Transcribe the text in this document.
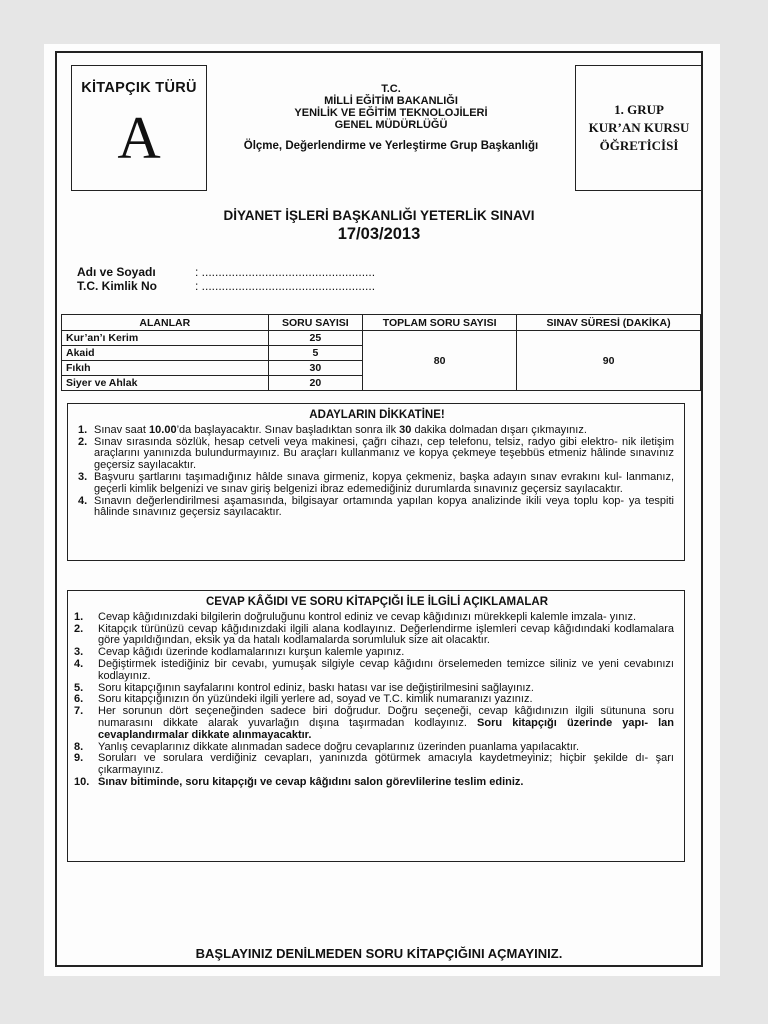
KİTAPÇIK TÜRÜ
A
T.C.
MİLLİ EĞİTİM BAKANLIĞI
YENİLİK VE EĞİTİM TEKNOLOJİLERİ
GENEL MÜDÜRLÜĞÜ
Ölçme, Değerlendirme ve Yerleştirme Grup Başkanlığı
1. GRUP
KUR’AN KURSU
ÖĞRETİCİSİ
DİYANET İŞLERİ BAŞKANLIĞI YETERLİK SINAVI
17/03/2013
Adı ve Soyadı	: ....................................................
T.C. Kimlik No	: ....................................................
ALANLAR	SORU SAYISI	TOPLAM SORU SAYISI	SINAV SÜRESİ (DAKİKA)
Kur’an’ı Kerim	25	80	90
Akaid	5		
Fıkıh	30		
Siyer ve Ahlak	20		
ADAYLARIN DİKKATİNE!
1. Sınav saat 10.00’da başlayacaktır. Sınav başladıktan sonra ilk 30 dakika dolmadan dışarı çıkmayınız.
2. Sınav sırasında sözlük, hesap cetveli veya makinesi, çağrı cihazı, cep telefonu, telsiz, radyo gibi elektro- nik iletişim araçlarını yanınızda bulundurmayınız. Bu araçları kullanmanız ve kopya çekmeye teşebbüs etmeniz hâlinde sınavınız geçersiz sayılacaktır.
3. Başvuru şartlarını taşımadığınız hâlde sınava girmeniz, kopya çekmeniz, başka adayın sınav evrakını kul- lanmanız, geçerli kimlik belgenizi ve sınav giriş belgenizi ibraz edemediğiniz durumlarda sınavınız geçersiz sayılacaktır.
4. Sınavın değerlendirilmesi aşamasında, bilgisayar ortamında yapılan kopya analizinde ikili veya toplu kop- ya tespiti hâlinde sınavınız geçersiz sayılacaktır.
CEVAP KÂĞIDI VE SORU KİTAPÇIĞI İLE İLGİLİ AÇIKLAMALAR
1.	Cevap kâğıdınızdaki bilgilerin doğruluğunu kontrol ediniz ve cevap kâğıdınızı mürekkepli kalemle imzala- yınız.
2.	Kitapçık türünüzü cevap kâğıdınızdaki ilgili alana kodlayınız. Değerlendirme işlemleri cevap kâğıdındaki kodlamalara göre yapıldığından, eksik ya da hatalı kodlamalarda sorumluluk size ait olacaktır.
3.	Cevap kâğıdı üzerinde kodlamalarınızı kurşun kalemle yapınız.
4.	Değiştirmek istediğiniz bir cevabı, yumuşak silgiyle cevap kâğıdını örselemeden temizce siliniz ve yeni cevabınızı kodlayınız.
5.	Soru kitapçığının sayfalarını kontrol ediniz, baskı hatası var ise değiştirilmesini sağlayınız.
6.	Soru kitapçığınızın ön yüzündeki ilgili yerlere ad, soyad ve T.C. kimlik numaranızı yazınız.
7.	Her sorunun dört seçeneğinden sadece biri doğrudur. Doğru seçeneği, cevap kâğıdınızın ilgili sütununa soru numarasını dikkate alarak yuvarlağın dışına taşırmadan kodlayınız. Soru kitapçığı üzerinde yapı- lan cevaplandırmalar dikkate alınmayacaktır.
8.	Yanlış cevaplarınız dikkate alınmadan sadece doğru cevaplarınız üzerinden puanlama yapılacaktır.
9.	Soruları ve sorulara verdiğiniz cevapları, yanınızda götürmek amacıyla kaydetmeyiniz; hiçbir şekilde dı- şarı çıkarmayınız.
10. Sınav bitiminde, soru kitapçığı ve cevap kâğıdını salon görevlilerine teslim ediniz.
BAŞLAYINIZ DENİLMEDEN SORU KİTAPÇIĞINI AÇMAYINIZ.
